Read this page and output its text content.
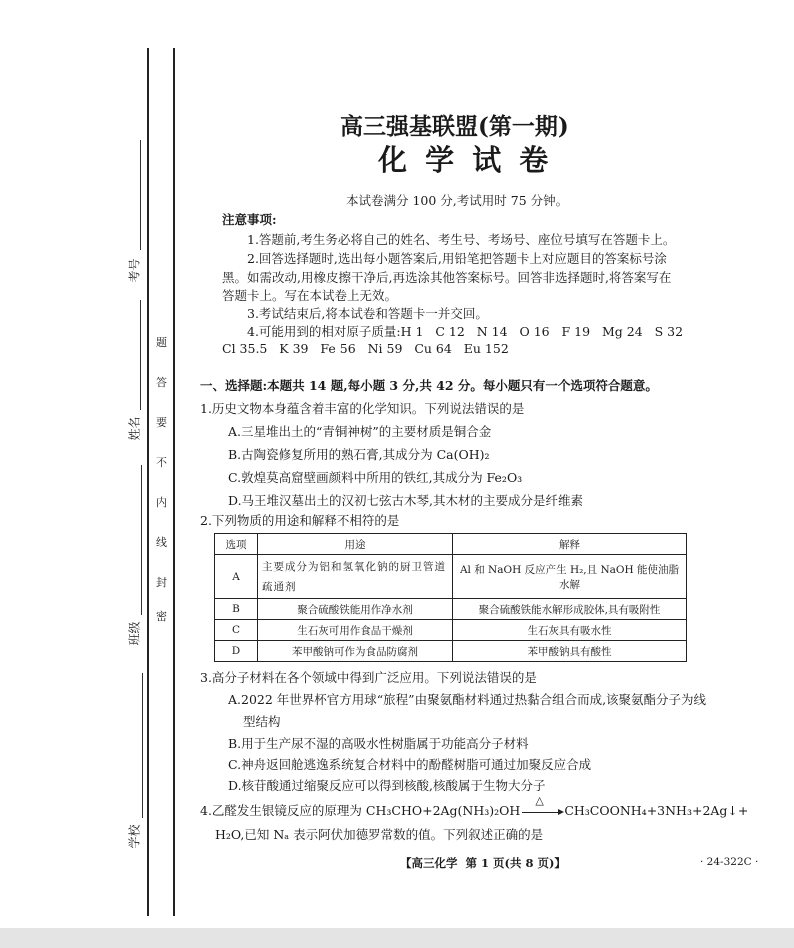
考号
姓名
班级
学校
题
答
要
不
内
线
封
密
高三强基联盟(第一期)
化 学 试 卷
本试卷满分 100 分,考试用时 75 分钟。
注意事项:
1.答题前,考生务必将自己的姓名、考生号、考场号、座位号填写在答题卡上。
2.回答选择题时,选出每小题答案后,用铅笔把答题卡上对应题目的答案标号涂
黑。如需改动,用橡皮擦干净后,再选涂其他答案标号。回答非选择题时,将答案写在
答题卡上。写在本试卷上无效。
3.考试结束后,将本试卷和答题卡一并交回。
4.可能用到的相对原子质量:H 1   C 12   N 14   O 16   F 19   Mg 24   S 32
Cl 35.5   K 39   Fe 56   Ni 59   Cu 64   Eu 152
一、选择题:本题共 14 题,每小题 3 分,共 42 分。每小题只有一个选项符合题意。
1.历史文物本身蕴含着丰富的化学知识。下列说法错误的是
A.三星堆出土的“青铜神树”的主要材质是铜合金
B.古陶瓷修复所用的熟石膏,其成分为 Ca(OH)₂
C.敦煌莫高窟壁画颜料中所用的铁红,其成分为 Fe₂O₃
D.马王堆汉墓出土的汉初七弦古木琴,其木材的主要成分是纤维素
2.下列物质的用途和解释不相符的是
选项	用途	解释
A	主要成分为铝和氢氧化钠的厨卫管道疏通剂	Al 和 NaOH 反应产生 H₂,且 NaOH 能使油脂水解
B	聚合硫酸铁能用作净水剂	聚合硫酸铁能水解形成胶体,具有吸附性
C	生石灰可用作食品干燥剂	生石灰具有吸水性
D	苯甲酸钠可作为食品防腐剂	苯甲酸钠具有酸性
3.高分子材料在各个领域中得到广泛应用。下列说法错误的是
A.2022 年世界杯官方用球“旅程”由聚氨酯材料通过热黏合组合而成,该聚氨酯分子为线
型结构
B.用于生产尿不湿的高吸水性树脂属于功能高分子材料
C.神舟返回舱逃逸系统复合材料中的酚醛树脂可通过加聚反应合成
D.核苷酸通过缩聚反应可以得到核酸,核酸属于生物大分子
4.乙醛发生银镜反应的原理为 CH₃CHO+2Ag(NH₃)₂OH
△
CH₃COONH₄+3NH₃+2Ag↓+
H₂O,已知 Nₐ 表示阿伏加德罗常数的值。下列叙述正确的是
【高三化学  第 1 页(共 8 页)】	· 24-322C ·
